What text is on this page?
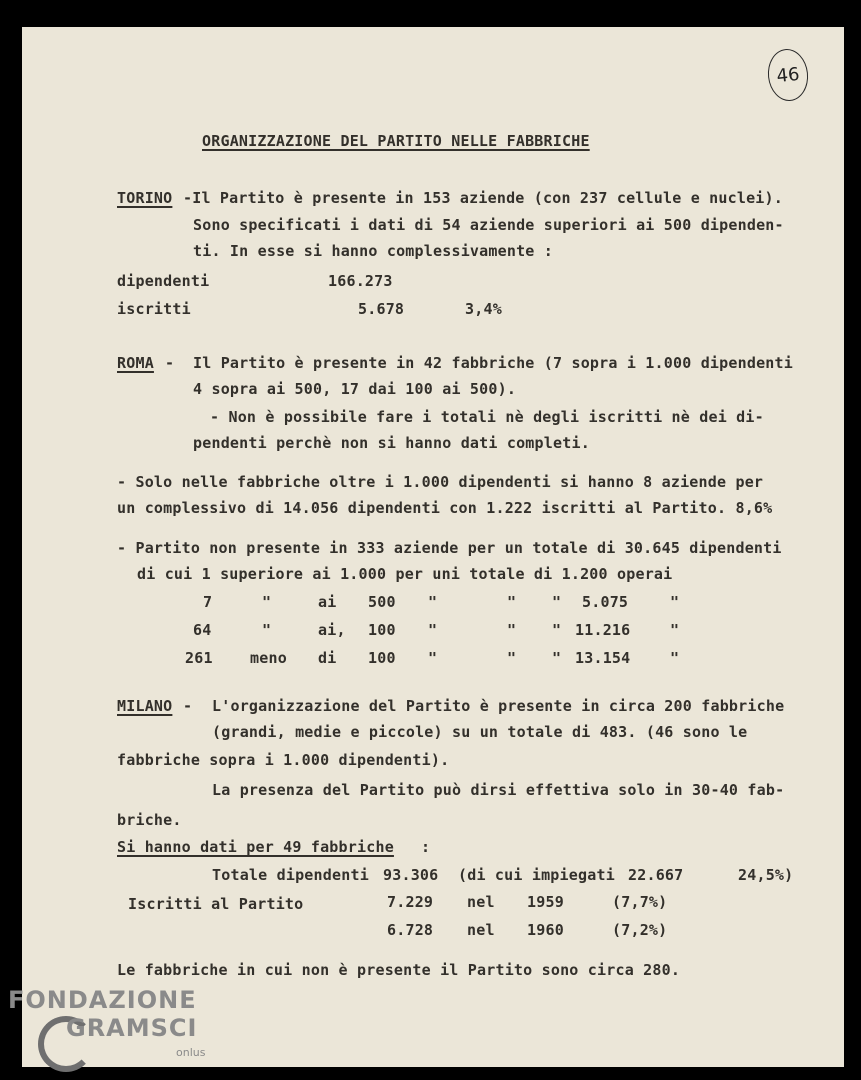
46
ORGANIZZAZIONE DEL PARTITO NELLE FABBRICHE
TORINO -Il Partito è presente in 153 aziende (con 237 cellule e nuclei).
Sono specificati i dati di 54 aziende superiori ai 500 dipenden-
ti. In esse si hanno complessivamente :
dipendenti	166.273
iscritti	5.678	3,4%
ROMA - Il Partito è presente in 42 fabbriche (7 sopra i 1.000 dipendenti
4 sopra ai 500, 17 dai 100 ai 500).
- Non è possibile fare i totali nè degli iscritti nè dei di-
pendenti perchè non si hanno dati completi.
- Solo nelle fabbriche oltre i 1.000 dipendenti si hanno 8 aziende per
un complessivo di 14.056 dipendenti con 1.222 iscritti al Partito. 8,6%
- Partito non presente in 333 aziende per un totale di 30.645 dipendenti
di cui 1 superiore ai 1.000 per uni totale di 1.200 operai
7	"	ai 500 "	" " 5.075	"
64	"	ai, 100 "	" " 11.216	"
261 meno di 100 "	" " 13.154	"
MILANO - L'organizzazione del Partito è presente in circa 200 fabbriche
(grandi, medie e piccole) su un totale di 483. (46 sono le
fabbriche sopra i 1.000 dipendenti).
La presenza del Partito può dirsi effettiva solo in 30-40 fab-
briche.
Si hanno dati per 49 fabbriche :
Totale dipendenti 93.306 (di cui impiegati 22.667	24,5%)
Iscritti al Partito	7.229 nel 1959	(7,7%)
6.728 nel 1960	(7,2%)
Le fabbriche in cui non è presente il Partito sono circa 280.
FONDAZIONE
GRAMSCI
onlus
